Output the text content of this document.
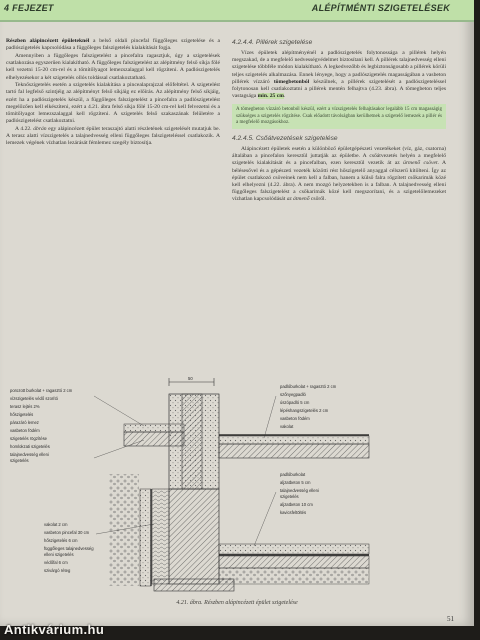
4 FEJEZET	ALÉPÍTMÉNTI SZIGETELÉSEK

Részben alápincézett épületeknél a belső oldali pincefal függőleges szigetelése és a padlószigetelés kapcsolódása a függőleges falszigetelés kialakítását fogja.

Amennyiben a függőleges falszigetelést a pincefalra ragasztjuk, úgy a szigetelések csatlakozása egyszerűen kialakítható. A függőleges falszigetelést az alépítmény felső síkja fölé kell vezetni 15-20 cm-rel és a tömítőlyagot lemezszalaggal kell rögzíteni. A padlószigetelés elhelyezésekor a két szigetelés ollós toldással csatlakoztatható.

Teknőszigetelés esetén a szigetelés kialakítása a pincealaprajzzal előfeltétel. A szigetelést tartó fal legfelső szintjéig az alépítményt felső síkjáig ez előírás. Az alépítmény felső síkjáig, ezért ha a padlószigetelés készül, a függőleges falszigetelést a pincefalra a padlószigetelést megelőzően kell elkészíteni, ezért a 4.21. ábra felső síkja fölé 15-20 cm-rel kell felvezetni és a tömítőlyagot lemezszalaggal kell rögzíteni. A szigetelés felső szakaszának felületére a padlószigetelést csatlakoztatni.

A 4.22. ábrán egy alápincézett épület teraszajtó alatti részletének szigetelését mutatjuk be. A terasz alatti vízszigetelés a talajnedvesség elleni függőleges falszigeteléssel csatlakozik. A lemezek végének vízhatlan lezárását fémlemez szegély biztosítja.

4.2.4.4. Pillérek szigetelése

Vízes épületek alépítményénél a padlószigetelés folytonossága a pillérek helyén megszakad, de a megfelelő nedvességvédelmet biztosítani kell. A pillérek talajnedvesség elleni szigetelése többféle módon kialakítható. A legkedvezőbb és legbiztonságosabb a pillérek körüli teljes szigetelés alkalmazása. Ennek lényege, hogy a padlószigetelés magasságában a vasbeton pillérek vízzáró tömegbetonból készülnek, a pillérek szigetelését a padlószigeteléssel folytonosan kell csatlakoztatni a pillérek mentén felhajtva (4.23. ábra). A tömegbeton teljes vastagsága min. 25 cm.

A tömegbeton vízzáró betonból készül, ezért a vízszigetelés felhajtásakor legalább 15 cm magasságig szükséges a szigetelés rögzítése. Csak előadott távolságban kerülhetnek a szigetelő lemezek a pillér és a megfelelő mozgásokhoz.
4.2.4.5. Csőátvezetések szigetelése

Alápincézett épületek esetén a különböző épületgépészeti vezetékeket (víz, gáz, csatorna) általában a pincefalon keresztül juttatják az épületbe. A csőátvezetés helyén a megfelelő szigetelés kialakítását és a pincefalban, ezen keresztül vezetik át az ürmenő csövet. A bélésesővel és a gépészeti vezeték közötti rést hőszigetelő anyaggal célszerű kitölteni. Így az épület csatlakozó csöveinek nem kell a falban, hanem a külső falra rögzített csőkarimák közé kell elhelyezni (4.22. ábra). A nem mozgó helyzetekben is a falban. A talajnedvesség elleni függőleges falszigetelést a csőkarimák közé kell megszorítani, és a szigetelőlemezeket vízhatlan kapcsolódását az átmenő csőről.

50
porozott burkolat + ragasztó 2 cm
vízszigetelés védő szorító
terasz lejtés 2%
hőszigetelés
párazáró lemez
vasbeton födém
szigetelés rögzítése
homlokzati szigetelés
talajnedvesség elleni
szigetelés
vakolat 2 cm
vasbeton pincefal 30 cm
hőszigetelés 6 cm
függőleges talajnedvesség
elleni szigetelés
védőfal 6 cm
szivárgó réteg
padlóburkolat + ragasztó 2 cm
szőnyegpadló
úszópadló 5 cm
lépéshangszigetelés 2 cm
vasbeton födém
vakolat
padlóburkolat
aljzatbeton 5 cm
talajnedvesség elleni
szigetelés
aljzatbeton 10 cm
kavicsfeltöltés
4.21. ábra. Részben alápincézett épület szigetelése
51
Antikvárium.hu
